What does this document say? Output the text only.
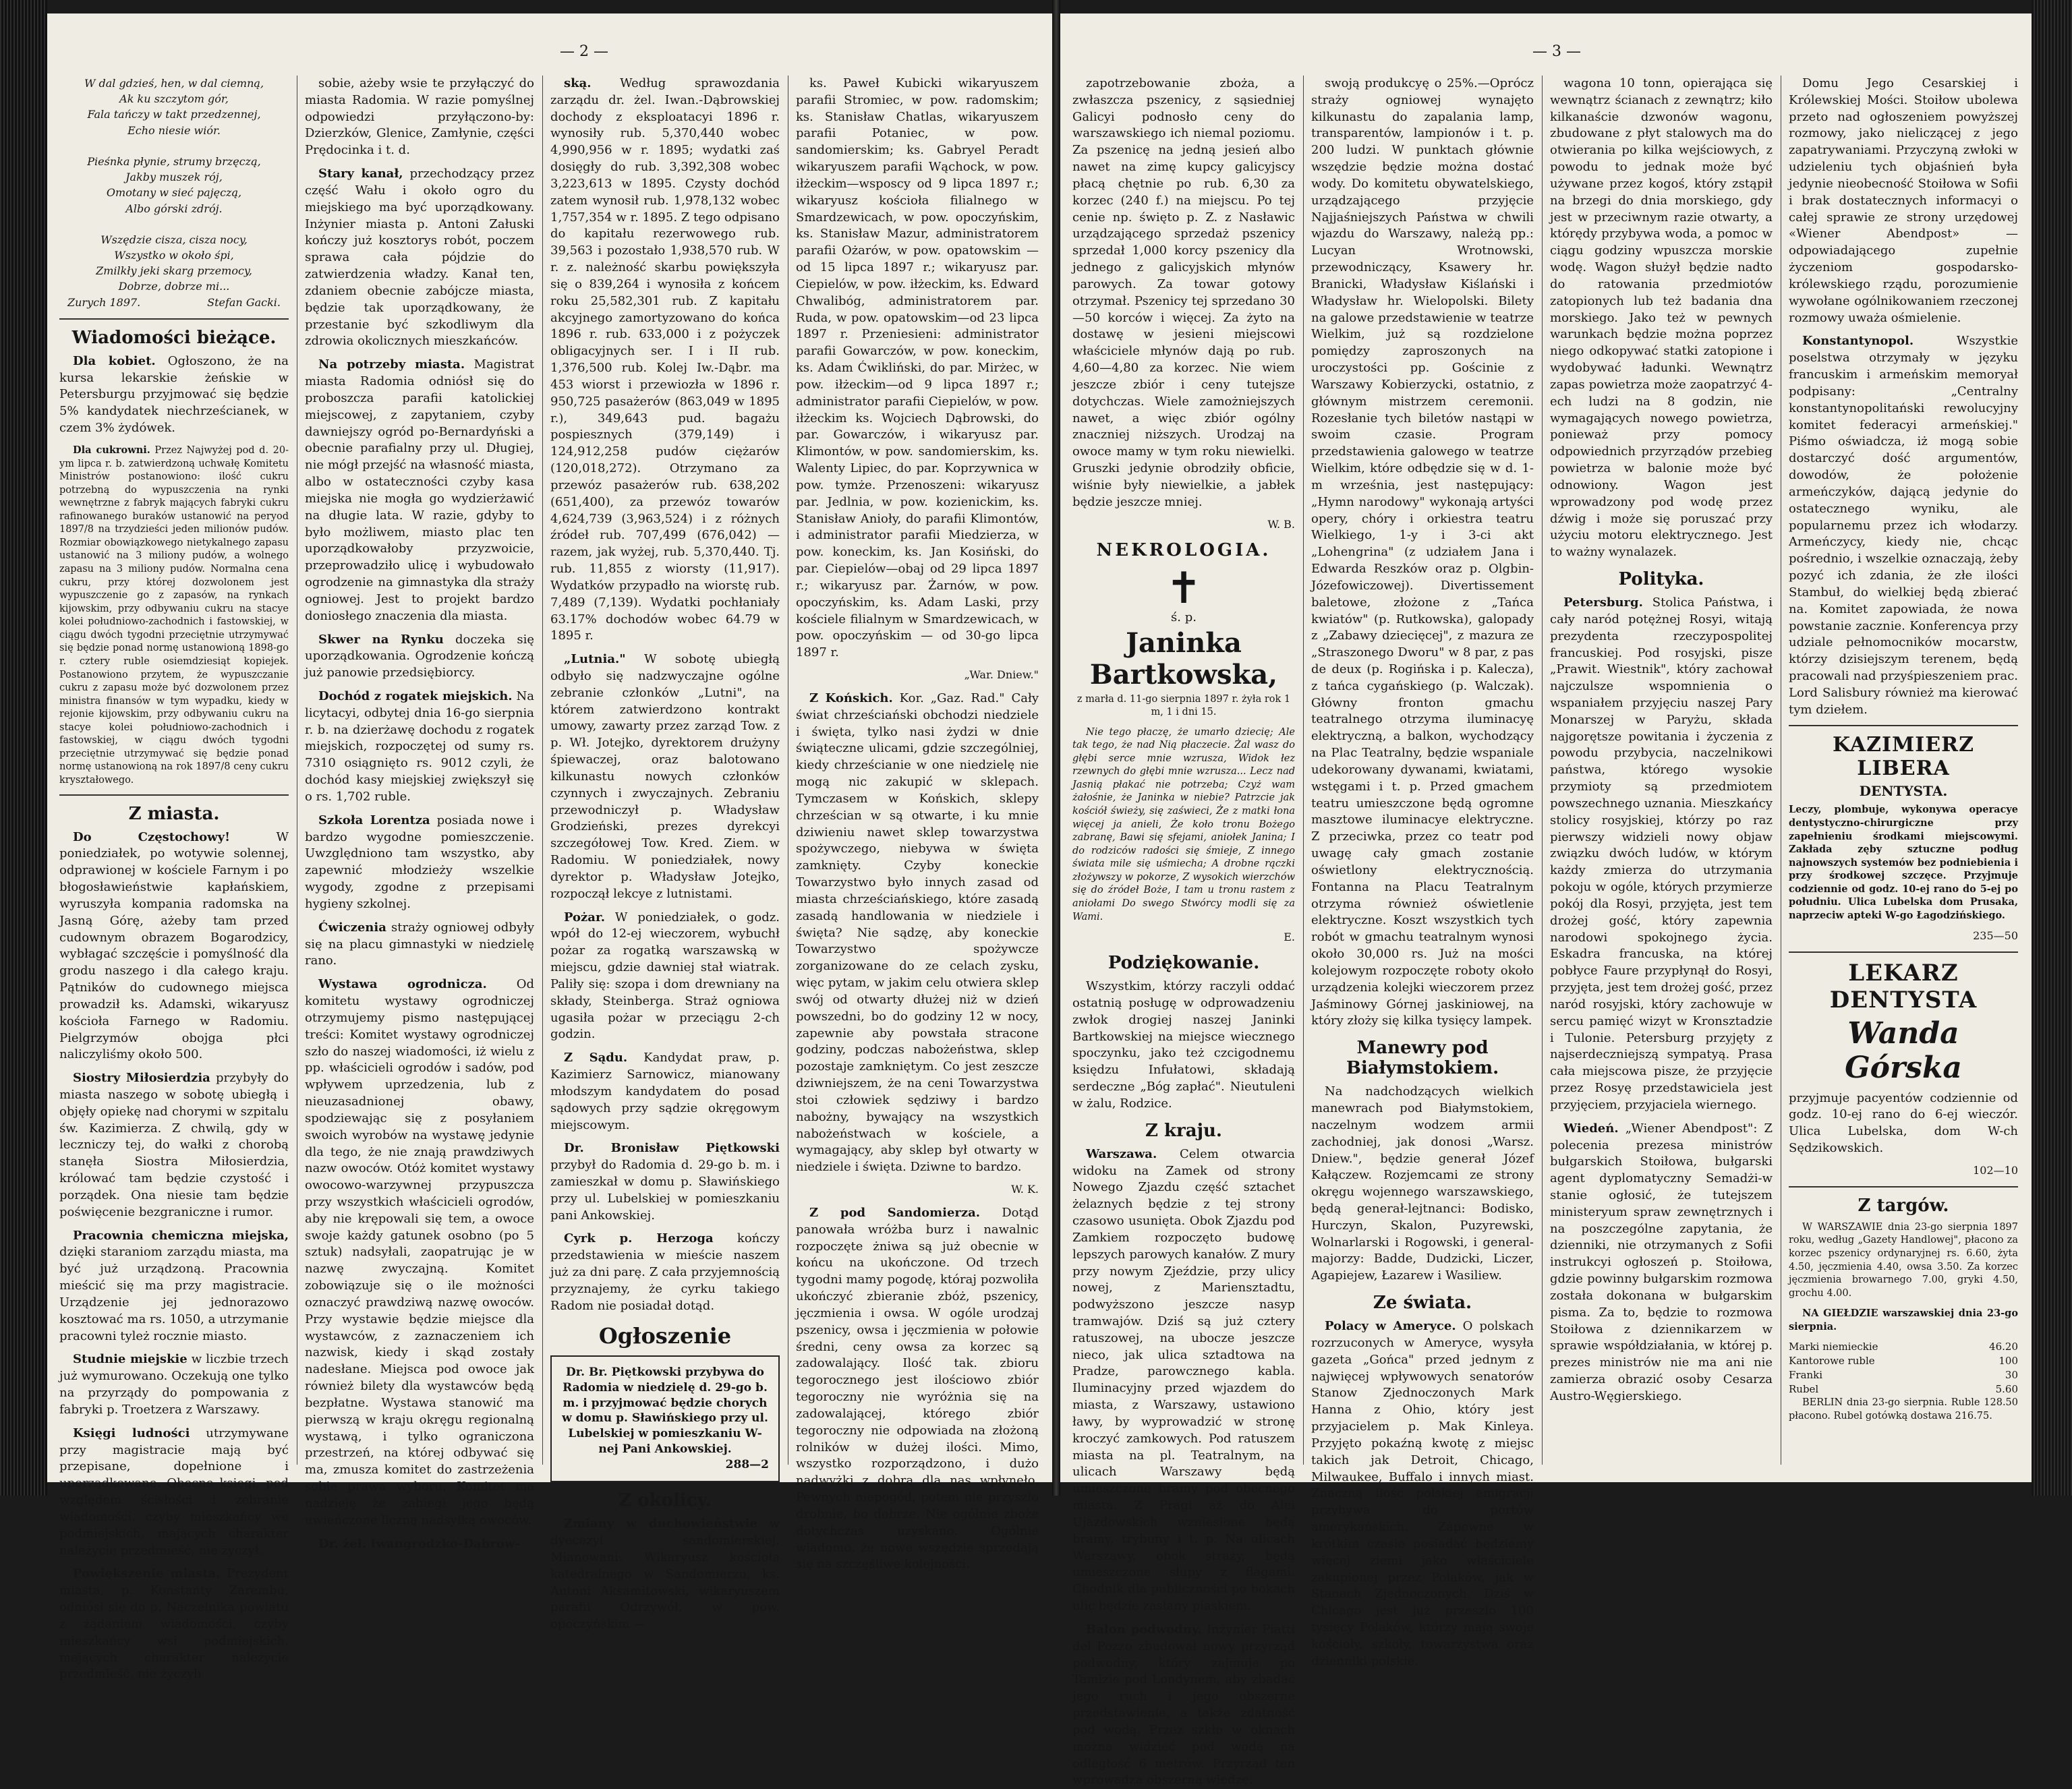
— 2 —
W dal gdzieś, hen, w dal ciemną,
Ak ku szczytom gór,
Fala tańczy w takt przedzennej,
Echo niesie wiór.

Pieśnka płynie, strumy brzęczą,
Jakby muszek rój,
Omotany w sieć pajęczą,
Albo górski zdrój.

Wszędzie cisza, cisza nocy,
Wszystko w około śpi,
Zmilkły jeki skarg przemocy,
Dobrze, dobrze mi...
Zurych 1897.	Stefan Gacki.
Wiadomości bieżące.

Dla kobiet. Ogłoszono, że na kursa lekarskie żeńskie w Petersburgu przyjmować się będzie 5% kandydatek niechrześcianek, w czem 3% żydówek.

Dla cukrowni. Przez Najwyżej pod d. 20-ym lipca r. b. zatwierdzoną uchwałę Komitetu Ministrów postanowiono: ilość cukru potrzebną do wypuszczenia na rynki wewnętrzne z fabryk mających fabryki cukru rafinowanego buraków ustanowić na peryod 1897/8 na trzydzieści jeden milionów pudów. Rozmiar obowiązkowego nietykalnego zapasu ustanowić na 3 miliony pudów, a wolnego zapasu na 3 miliony pudów. Normalna cena cukru, przy której dozwolonem jest wypuszczenie go z zapasów, na rynkach kijowskim, przy odbywaniu cukru na stacye kolei południowo-zachodnich i fastowskiej, w ciągu dwóch tygodni przeciętnie utrzymywać się będzie ponad normę ustanowioną 1898-go r. cztery ruble osiemdziesiąt kopiejek. Postanowiono przytem, że wypuszczanie cukru z zapasu może być dozwolonem przez ministra finansów w tym wypadku, kiedy w rejonie kijowskim, przy odbywaniu cukru na stacye kolei południowo-zachodnich i fastowskiej, w ciągu dwóch tygodni przeciętnie utrzymywać się będzie ponad normę ustanowioną na rok 1897/8 ceny cukru kryształowego.

Z miasta.

Do Częstochowy! W poniedziałek, po wotywie solennej, odprawionej w kościele Farnym i po błogosławieństwie kapłańskiem, wyruszyła kompania radomska na Jasną Górę, ażeby tam przed cudownym obrazem Bogarodzicy, wybłagać szczęście i pomyślność dla grodu naszego i dla całego kraju. Pątników do cudownego miejsca prowadził ks. Adamski, wikaryusz kościoła Farnego w Radomiu. Pielgrzymów obojga płci naliczyliśmy około 500.

Siostry Miłosierdzia przybyły do miasta naszego w sobotę ubiegłą i objęły opiekę nad chorymi w szpitalu św. Kazimierza. Z chwilą, gdy w leczniczy tej, do wałki z chorobą stanęła Siostra Miłosierdzia, królować tam będzie czystość i porządek. Ona niesie tam będzie poświęcenie bezgraniczne i rumor.

Pracownia chemiczna miejska, dzięki staraniom zarządu miasta, ma być już urządzoną. Pracownia mieścić się ma przy magistracie. Urządzenie jej jednorazowo kosztować ma rs. 1050, a utrzymanie pracowni tyleż rocznie miasto.

Studnie miejskie w liczbie trzech już wymurowano. Oczekują one tylko na przyrządy do pompowania z fabryki p. Troetzera z Warszawy.

Księgi ludności utrzymywane przy magistracie mają być przepisane, dopełnione i uporządkowane. Obecne księgi, pod względem ścisłości i zebranie wiadomości, czyby mieszkańcy we podmiejskich, mających charakter należycie przedmieść, nie życzył.

Powiększenie miasta. Prezydent miasta, p. Konstanty Zarembu, odniósł się do p. Naczelnika powiatu z żądaniem wiadomości, czyby mieszkańcy wsi podmiejskich, mających charakter należycie przedmieść, nie życzyli

sobie, ażeby wsie te przyłączyć do miasta Radomia. W razie pomyślnej odpowiedzi przyłączono-by: Dzierzków, Glenice, Zamłynie, części Prędocinka i t. d.

Stary kanał, przechodzący przez część Wału i około ogro du miejskiego ma być uporządkowany. Inżynier miasta p. Antoni Załuski kończy już kosztorys robót, poczem sprawa cała pójdzie do zatwierdzenia władzy. Kanał ten, zdaniem obecnie zabójcze miasta, będzie tak uporządkowany, że przestanie być szkodliwym dla zdrowia okolicznych mieszkańców.

Na potrzeby miasta. Magistrat miasta Radomia odniósł się do proboszcza parafii katolickiej miejscowej, z zapytaniem, czyby dawniejszy ogród po-Bernardyński a obecnie parafialny przy ul. Długiej, nie mógł przejść na własność miasta, albo w ostateczności czyby kasa miejska nie mogła go wydzierżawić na długie lata. W razie, gdyby to było możliwem, miasto plac ten uporządkowałoby przyzwoicie, przeprowadziło ulicę i wybudowało ogrodzenie na gimnastyka dla straży ogniowej. Jest to projekt bardzo doniosłego znaczenia dla miasta.

Skwer na Rynku doczeka się uporządkowania. Ogrodzenie kończą już panowie przedsiębiorcy.

Dochód z rogatek miejskich. Na licytacyi, odbytej dnia 16-go sierpnia r. b. na dzierżawę dochodu z rogatek miejskich, rozpoczętej od sumy rs. 7310 osiągnięto rs. 9012 czyli, że dochód kasy miejskiej zwiększył się o rs. 1,702 ruble.

Szkoła Lorentza posiada nowe i bardzo wygodne pomieszczenie. Uwzględniono tam wszystko, aby zapewnić młodzieży wszelkie wygody, zgodne z przepisami hygieny szkolnej.

Ćwiczenia straży ogniowej odbyły się na placu gimnastyki w niedzielę rano.

Wystawa ogrodnicza. Od komitetu wystawy ogrodniczej otrzymujemy pismo następującej treści: Komitet wystawy ogrodniczej szło do naszej wiadomości, iż wielu z pp. właścicieli ogrodów i sadów, pod wpływem uprzedzenia, lub z nieuzasadnionej obawy, spodziewając się z posyłaniem swoich wyrobów na wystawę jedynie dla tego, że nie znają prawdziwych nazw owoców. Otóż komitet wystawy owocowo-warzywnej przypuszcza przy wszystkich właścicieli ogrodów, aby nie krępowali się tem, a owoce swoje każdy gatunek osobno (po 5 sztuk) nadsyłali, zaopatrując je w nazwę zwyczajną. Komitet zobowiązuje się o ile możności oznaczyć prawdziwą nazwę owoców. Przy wystawie będzie miejsce dla wystawców, z zaznaczeniem ich nazwisk, kiedy i skąd zostały nadesłane. Miejsca pod owoce jak również bilety dla wystawców będą bezpłatne. Wystawa stanowić ma pierwszą w kraju okręgu regionalną wystawą, i tylko ograniczona przestrzeń, na której odbywać się ma, zmusza komitet do zastrzeżenia sobie prawa wyboru. Komitet ma nadzieję że zabiegi jego będą uwieńczone liczną nadsyłką owoców.

Dr. żel. Iwangrodzko-Dąbrow-

ską. Według sprawozdania zarządu dr. żel. Iwan.-Dąbrowskiej dochody z eksploatacyi 1896 r. wynosiły rub. 5,370,440 wobec 4,990,956 w r. 1895; wydatki zaś dosięgły do rub. 3,392,308 wobec 3,223,613 w 1895. Czysty dochód zatem wynosił rub. 1,978,132 wobec 1,757,354 w r. 1895. Z tego odpisano do kapitału rezerwowego rub. 39,563 i pozostało 1,938,570 rub. W r. z. należność skarbu powiększyła się o 839,264 i wynosiła z końcem roku 25,582,301 rub. Z kapitału akcyjnego zamortyzowano do końca 1896 r. rub. 633,000 i z pożyczek obligacyjnych ser. I i II rub. 1,376,500 rub. Kolej Iw.-Dąbr. ma 453 wiorst i przewiozła w 1896 r. 950,725 pasażerów (863,049 w 1895 r.), 349,643 pud. bagażu pospiesznych (379,149) i 124,912,258 pudów ciężarów (120,018,272). Otrzymano za przewóz pasażerów rub. 638,202 (651,400), za przewóz towarów 4,624,739 (3,963,524) i z różnych źródeł rub. 707,499 (676,042) — razem, jak wyżej, rub. 5,370,440. Tj. rub. 11,855 z wiorsty (11,917). Wydatków przypadło na wiorstę rub. 7,489 (7,139). Wydatki pochłaniały 63.17% dochodów wobec 64.79 w 1895 r.

„Lutnia." W sobotę ubiegłą odbyło się nadzwyczajne ogólne zebranie członków „Lutni", na którem zatwierdzono kontrakt umowy, zawarty przez zarząd Tow. z p. Wł. Jotejko, dyrektorem drużyny śpiewaczej, oraz balotowano kilkunastu nowych członków czynnych i zwyczajnych. Zebraniu przewodniczył p. Władysław Grodzieński, prezes dyrekcyi szczegółowej Tow. Kred. Ziem. w Radomiu. W poniedziałek, nowy dyrektor p. Władysław Jotejko, rozpoczął lekcye z lutnistami.

Pożar. W poniedziałek, o godz. wpół do 12-ej wieczorem, wybuchł pożar za rogatką warszawską w miejscu, gdzie dawniej stał wiatrak. Paliły się: szopa i dom drewniany na składy, Steinberga. Straż ogniowa ugasiła pożar w przeciągu 2-ch godzin.

Z Sądu. Kandydat praw, p. Kazimierz Sarnowicz, mianowany młodszym kandydatem do posad sądowych przy sądzie okręgowym miejscowym.

Dr. Bronisław Piętkowski przybył do Radomia d. 29-go b. m. i zamieszkał w domu p. Sławińskiego przy ul. Lubelskiej w pomieszkaniu pani Ankowskiej.

Cyrk p. Herzoga kończy przedstawienia w mieście naszem już za dni parę. Z cała przyjemnością przyznajemy, że cyrku takiego Radom nie posiadał dotąd.

Ogłoszenie
Dr. Br. Piętkowski przybywa do Radomia w niedzielę d. 29-go b. m. i przyjmować będzie chorych w domu p. Sławińskiego przy ul. Lubelskiej w pomieszkaniu W-nej Pani Ankowskiej.
288—2
Z okolicy.

Zmiany w duchowieństwie w dyecezyi sandomierskiej. Mianowani: Wikaryusz kościoła katedralnego w Sandomierzu, ks. Antoni Aksamitowski, wikaryuszem parafii Odrzywół, w pow. opoczyńskim —

ks. Paweł Kubicki wikaryuszem parafii Stromiec, w pow. radomskim; ks. Stanisław Chatlas, wikaryuszem parafii Potaniec, w pow. sandomierskim; ks. Gabryel Peradt wikaryuszem parafii Wąchock, w pow. iłżeckim—wsposcy od 9 lipca 1897 r.; wikaryusz kościoła filialnego w Smardzewicach, w pow. opoczyńskim, ks. Stanisław Mazur, administratorem parafii Ożarów, w pow. opatowskim — od 15 lipca 1897 r.; wikaryusz par. Ciepielów, w pow. iłżeckim, ks. Edward Chwalibóg, administratorem par. Ruda, w pow. opatowskim—od 23 lipca 1897 r. Przeniesieni: administrator parafii Gowarczów, w pow. koneckim, ks. Adam Ćwikliński, do par. Mirżec, w pow. iłżeckim—od 9 lipca 1897 r.; administrator parafii Ciepielów, w pow. iłżeckim ks. Wojciech Dąbrowski, do par. Gowarczów, i wikaryusz par. Klimontów, w pow. sandomierskim, ks. Walenty Lipiec, do par. Koprzywnica w pow. tymże. Przenoszeni: wikaryusz par. Jedlnia, w pow. kozienickim, ks. Stanisław Anioły, do parafii Klimontów, i administrator parafii Miedzierza, w pow. koneckim, ks. Jan Kosiński, do par. Ciepielów—obaj od 29 lipca 1897 r.; wikaryusz par. Żarnów, w pow. opoczyńskim, ks. Adam Laski, przy kościele filialnym w Smardzewicach, w pow. opoczyńskim — od 30-go lipca 1897 r.

„War. Dniew."

Z Końskich. Kor. „Gaz. Rad." Cały świat chrześciański obchodzi niedziele i święta, tylko nasi żydzi w dnie świąteczne ulicami, gdzie szczególniej, kiedy chrześcianie w one niedzielę nie mogą nic zakupić w sklepach. Tymczasem w Końskich, sklepy chrześcian w są otwarte, i ku mnie dziwieniu nawet sklep towarzystwa spożywczego, niebywa w święta zamknięty. Czyby koneckie Towarzystwo było innych zasad od miasta chrześciańskiego, które zasadą zasadą handlowania w niedziele i święta? Nie sądzę, aby koneckie Towarzystwo spożywcze zorganizowane do ze celach zysku, więc pytam, w jakim celu otwiera sklep swój od otwarty dłużej niż w dzień powszedni, bo do godziny 12 w nocy, zapewnie aby powstała stracone godziny, podczas nabożeństwa, sklep pozostaje zamkniętym. Co jest zeszcze dziwniejszem, że na ceni Towarzystwa stoi człowiek sędziwy i bardzo nabożny, bywający na wszystkich nabożeństwach w kościele, a wymagający, aby sklep był otwarty w niedziele i święta. Dziwne to bardzo.

W. K.

Z pod Sandomierza. Dotąd panowała wróżba burz i nawalnic rozpoczęte żniwa są już obecnie w końcu na ukończone. Od trzech tygodni mamy pogodę, któraj pozwoliła ukończyć zbieranie zbóż, pszenicy, jęczmienia i owsa. W ogóle urodzaj pszenicy, owsa i jęczmienia w połowie średni, ceny owsa za korzec są zadowalający. Ilość tak. zbioru tegorocznego jest ilościowo zbiór tegoroczny nie wyróżnia się na zadowalającej, którego zbiór tegoroczny nie odpowiada na złożoną rolników w dużej ilości. Mimo, wszystko rozporządzono, i dużo nadwyżki z dobrą dla nas wpłynęło. Pewnych niepogód, potem nie przyszło drobnie, bo dobrze. Nie ogólnie zboże dotychczas uzyskano. Ogólnie wiadomo, że nowe wszędzie sprzedają się na szczęśliwe kolejności.

— 3 —

zapotrzebowanie zboża, a zwłaszcza pszenicy, z sąsiedniej Galicyi podnosło ceny do warszawskiego ich niemal poziomu. Za pszenicę na jedną jesień albo nawet na zimę kupcy galicyjscy płacą chętnie po rub. 6,30 za korzec (240 f.) na miejscu. Po tej cenie np. święto p. Z. z Nasławic urządzającego sprzedaż pszenicy sprzedał 1,000 korcy pszenicy dla jednego z galicyjskich młynów parowych. Za towar gotowy otrzymał. Pszenicy tej sprzedano 30—50 korców i więcej. Za żyto na dostawę w jesieni miejscowi właściciele młynów dają po rub. 4,60—4,80 za korzec. Nie wiem jeszcze zbiór i ceny tutejsze dotychczas. Wiele zamożniejszych nawet, a więc zbiór ogólny znaczniej niższych. Urodzaj na owoce mamy w tym roku niewielki. Gruszki jedynie obrodziły obficie, wiśnie były niewielkie, a jabłek będzie jeszcze mniej.

W. B.
NEKROLOGIA.
✝
ś. p.
Janinka Bartkowska,

z marła d. 11-go sierpnia 1897 r. żyła rok 1 m, 1 i dni 15.

Nie tego płaczę, że umarło dziecię; Ale tak tego, że nad Nią płaczecie. Żal wasz do głębi serce mnie wzrusza, Widok łez rzewnych do głębi mnie wzrusza... Lecz nad Jasnią płakać nie potrzeba; Czyż wam żałośnie, że Janinka w niebie? Patrzcie jak kościół świeży, się zaświeci, Że z matki łona więcej ja anieli, Że koło tronu Bożego zabranę, Bawi się sfejami, aniołek Janina; I do rodziców radości się śmieje, Z innego świata mile się uśmiecha; A drobne rączki złożywszy w pokorze, Z wysokich wierzchów się do źródeł Boże, I tam u tronu rastem z aniołami Do swego Stwórcy modli się za Wami.

E.
Podziękowanie.

Wszystkim, którzy raczyli oddać ostatnią posługę w odprowadzeniu zwłok drogiej naszej Janinki Bartkowskiej na miejsce wiecznego spoczynku, jako też czcigodnemu księdzu Infułatowi, składają serdeczne „Bóg zapłać". Nieutuleni w żalu, Rodzice.

Z kraju.

Warszawa. Celem otwarcia widoku na Zamek od strony Nowego Zjazdu część sztachet żelaznych będzie z tej strony czasowo usunięta. Obok Zjazdu pod Zamkiem rozpoczęto budowę lepszych parowych kanałów. Z mury przy nowym Zjeździe, przy ulicy nowej, z Mariensztadtu, podwyższono jeszcze nasyp tramwajów. Dziś są już cztery ratuszowej, na ubocze jeszcze nieco, jak ulica sztadtowa na Pradze, parowcznego kabla. Iluminacyjny przed wjazdem do miasta, z Warszawy, ustawiono ławy, by wyprowadzić w stronę kroczyć zamkowych. Pod ratuszem miasta na pl. Teatralnym, na ulicach Warszawy będą umieszczone bramy pod obecnego miasta. Z Pragi aż do Alei Ujazdowskich wzniesione będą bramy, trybuny i t. p. Na ulicach Warszawy, obok straży, będą umieszczone słupy z flagami. Chodnik dla publiczności po bokach ulic będzie zasłany piaskiem.

Balon podwodny. Inżynier Piatti del Pozzo zbudował nowy przyrząd podwodny, który zajmuje po Tamizie pod Londynem, aby zbadać jego ruch i jego obszerne przedstawienie, a także zdatność pod wodą. Przez szkło w oknach można widzieć pod wodą na odległość 6 metrów. Przyrząd ten wprowadza obszerną wiedzę.

swoją produkcyę o 25%.—Oprócz straży ogniowej wynajęto kilkunastu do zapalania lamp, transparentów, lampionów i t. p. 200 ludzi. W punktach głównie wszędzie będzie można dostać wody. Do komitetu obywatelskiego, urządzającego przyjęcie Najjaśniejszych Państwa w chwili wjazdu do Warszawy, należą pp.: Lucyan Wrotnowski, przewodniczący, Ksawery hr. Branicki, Władysław Kiślański i Władysław hr. Wielopolski. Bilety na galowe przedstawienie w teatrze Wielkim, już są rozdzielone pomiędzy zaproszonych na uroczystości pp. Gościnie z Warszawy Kobierzycki, ostatnio, z głównym mistrzem ceremonii. Rozesłanie tych biletów nastąpi w swoim czasie. Program przedstawienia galowego w teatrze Wielkim, które odbędzie się w d. 1-m września, jest następujący: „Hymn narodowy" wykonają artyści opery, chóry i orkiestra teatru Wielkiego, 1-y i 3-ci akt „Lohengrina" (z udziałem Jana i Edwarda Reszków oraz p. Olgbin-Józefowiczowej). Divertissement baletowe, złożone z „Tańca kwiatów" (p. Rutkowska), galopady z „Zabawy dziecięcej", z mazura ze „Straszonego Dworu" w 8 par, z pas de deux (p. Rogińska i p. Kalecza), z tańca cygańskiego (p. Walczak). Główny fronton gmachu teatralnego otrzyma iluminacyę elektryczną, a balkon, wychodzący na Plac Teatralny, będzie wspaniale udekorowany dywanami, kwiatami, wstęgami i t. p. Przed gmachem teatru umieszczone będą ogromne masztowe iluminacye elektryczne. Z przeciwka, przez co teatr pod uwagę cały gmach zostanie oświetlony elektrycznością. Fontanna na Placu Teatralnym otrzyma również oświetlenie elektryczne. Koszt wszystkich tych robót w gmachu teatralnym wynosi około 30,000 rs. Już na mości kolejowym rozpoczęte roboty około urządzenia kolejki wieczorem przez Jaśminowy Górnej jaskiniowej, na który złoży się kilka tysięcy lampek.

Manewry pod Białymstokiem.

Na nadchodzących wielkich manewrach pod Białymstokiem, naczelnym wodzem armii zachodniej, jak donosi „Warsz. Dniew.", będzie generał Józef Kałączew. Rozjemcami ze strony okręgu wojennego warszawskiego, będą generał-lejtnanci: Bodisko, Hurczyn, Skalon, Puzyrewski, Wolnarlarski i Rogowski, i general-majorzy: Badde, Dudzicki, Liczer, Agapiejew, Łazarew i Wasiliew.

Ze świata.

Polacy w Ameryce. O polskach rozrzuconych w Ameryce, wysyła gazeta „Gońca" przed jednym z najwięcej wpływowych senatorów Stanow Zjednoczonych Mark Hanna z Ohio, który jest przyjacielem p. Mak Kinleya. Przyjęto pokaźną kwotę z miejsc takich jak Detroit, Chicago, Milwaukee, Buffalo i innych miast. Znaczną ilość polskiej emigracji przybywa do portów amerykańskich. Zapewne w krótkim czasie posiadać będziemy więcej ziemi jako właściciele zakupionej przez Polaków, jak w Stanach Zjednoczonych. Dziś w Chicago jest już przeszło 100 tysięcy Polaków, którzy mają swoje kościoły, szkoły, towarzystwa oraz dzienniki polskie.

wagona 10 tonn, opierająca się wewnątrz ścianach z zewnątrz; kiło kilkanaście dzwonów wagonu, zbudowane z płyt stalowych ma do otwierania po kilka wejściowych, z powodu to jednak może być używane przez kogoś, który zstąpił na brzegi do dnia morskiego, gdy jest w przeciwnym razie otwarty, a którędy przybywa woda, a pomoc w ciągu godziny wpuszcza morskie wodę. Wagon służył będzie nadto do ratowania przedmiotów zatopionych lub też badania dna morskiego. Jako też w pewnych warunkach będzie można poprzez niego odkopywać statki zatopione i wydobywać ładunki. Wewnątrz zapas powietrza może zaopatrzyć 4-ech ludzi na 8 godzin, nie wymagających nowego powietrza, ponieważ przy pomocy odpowiednich przyrządów przebieg powietrza w balonie może być odnowiony. Wagon jest wprowadzony pod wodę przez dźwig i może się poruszać przy użyciu motoru elektrycznego. Jest to ważny wynalazek.

Polityka.

Petersburg. Stolica Państwa, i cały naród potężnej Rosyi, witają prezydenta rzeczypospolitej francuskiej. Pod rosyjski, pisze „Prawit. Wiestnik", który zachował najczulsze wspomnienia o wspaniałem przyjęciu naszej Pary Monarszej w Paryżu, składa najgorętsze powitania i życzenia z powodu przybycia, naczelnikowi państwa, którego wysokie przymioty są przedmiotem powszechnego uznania. Mieszkańcy stolicy rosyjskiej, którzy po raz pierwszy widzieli nowy objaw związku dwóch ludów, w którym każdy zmierza do utrzymania pokoju w ogóle, których przymierze pokój dla Rosyi, przyjęta, jest tem drożej gość, który zapewnia narodowi spokojnego życia. Eskadra francuska, na której pobłyce Faure przypłynął do Rosyi, przyjęta, jest tem drożej gość, przez naród rosyjski, który zachowuje w sercu pamięć wizyt w Kronsztadzie i Tulonie. Petersburg przyjęty z najserdeczniejszą sympatyą. Prasa cała miejscowa pisze, że przyjęcie przez Rosyę przedstawiciela jest przyjęciem, przyjaciela wiernego.

Wiedeń. „Wiener Abendpost": Z polecenia prezesa ministrów bułgarskich Stoiłowa, bułgarski agent dyplomatyczny Semadżi-w stanie ogłosić, że tutejszem ministeryum spraw zewnętrznych i na poszczególne zapytania, że dzienniki, nie otrzymanych z Sofii instrukcyi ogłoszeń p. Stoiłowa, gdzie powinny bułgarskim rozmowa została dokonana w bułgarskim pisma. Za to, będzie to rozmowa Stoiłowa z dziennikarzem w sprawie współdziałania, w której p. prezes ministrów nie ma ani nie zamierza obrazić osoby Cesarza Austro-Węgierskiego.

Domu Jego Cesarskiej i Królewskiej Mości. Stoiłow ubolewa przeto nad ogłoszeniem powyższej rozmowy, jako nieliczącej z jego zapatrywaniami. Przyczyną zwłoki w udzieleniu tych objaśnień była jedynie nieobecność Stoiłowa w Sofii i brak dostatecznych informacyi o całej sprawie ze strony urzędowej «Wiener Abendpost» — odpowiadającego zupełnie życzeniom gospodarsko-królewskiego rządu, porozumienie wywołane ogólnikowaniem rzeczonej rozmowy uważa ośmielenie.

Konstantynopol. Wszystkie poselstwa otrzymały w języku francuskim i armeńskim memoryał podpisany: „Centralny konstantynopolitański rewolucyjny komitet federacyi armeńskiej." Piśmo oświadcza, iż mogą sobie dostarczyć dość argumentów, dowodów, że położenie armeńczyków, dającą jedynie do ostatecznego wyniku, ale popularnemu przez ich włodarzy. Armeńczycy, kiedy nie, chcąc pośrednio, i wszelkie oznaczają, żeby pozyć ich zdania, że złe ilości Stambuł, do wielkiej będą zbierać na. Komitet zapowiada, że nowa powstanie zacznie. Konferencya przy udziale pełnomocników mocarstw, którzy dzisiejszym terenem, będą pracowali nad przyśpieszeniem prac. Lord Salisbury również ma kierować tym dziełem.

KAZIMIERZ LIBERA
DENTYSTA.

Leczy, plombuje, wykonywa operacye dentystyczno-chirurgiczne przy zapełnieniu środkami miejscowymi. Zakłada zęby sztuczne podług najnowszych systemów bez podniebienia i przy środkowej szczęce. Przyjmuje codziennie od godz. 10-ej rano do 5-ej po południu. Ulica Lubelska dom Prusaka, naprzeciw apteki W-go Łagodzińskiego.

235—50
LEKARZ DENTYSTA
Wanda Górska

przyjmuje pacyentów codziennie od godz. 10-ej rano do 6-ej wieczór. Ulica Lubelska, dom W-ch Sędzikowskich.

102—10
Z targów.

W WARSZAWIE dnia 23-go sierpnia 1897 roku, według „Gazety Handlowej", płacono za korzec pszenicy ordynaryjnej rs. 6.60, żyta 4.50, jęczmienia 4.40, owsa 3.50. Za korzec jęczmienia browarnego 7.00, gryki 4.50, grochu 4.00.

NA GIEŁDZIE warszawskiej dnia 23-go sierpnia.

Marki niemieckie	46.20
Kantorowe ruble	100
Franki	30
Rubel	5.60

BERLIN dnia 23-go sierpnia. Ruble 128.50 płacono. Rubel gotówką dostawa 216.75.
